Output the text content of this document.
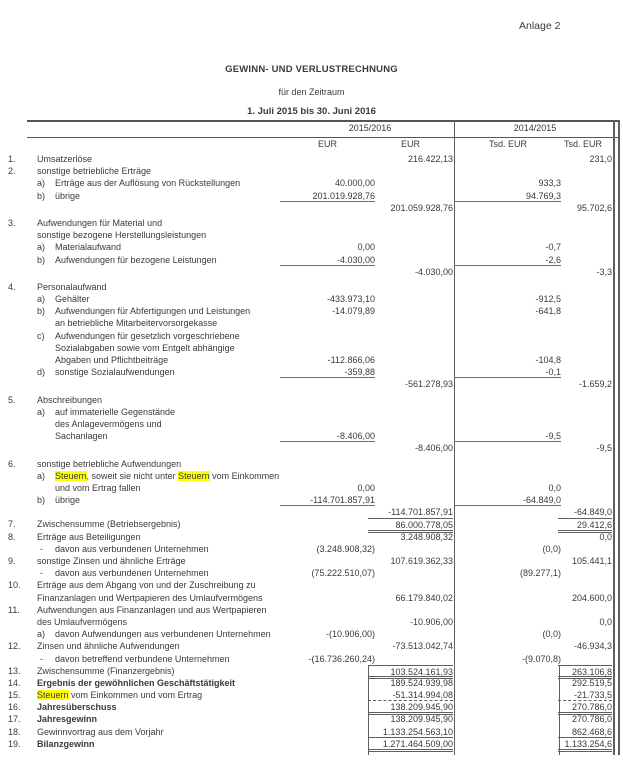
Anlage 2
GEWINN- UND VERLUSTRECHNUNG
für den Zeitraum
1. Juli 2015 bis 30. Juni 2016
2015/2016	2014/2015
EUR	EUR	Tsd. EUR	Tsd. EUR
1. Umsatzerlöse	216.422,13	231,0
2. sonstige betriebliche Erträge
a) Erträge aus der Auflösung von Rückstellungen	40.000,00	933,3
b) übrige	201.019.928,76	94.769,3
201.059.928,76	95.702,6
3. Aufwendungen für Material und
sonstige bezogene Herstellungsleistungen
a) Materialaufwand	0,00	-0,7
b) Aufwendungen für bezogene Leistungen	-4.030,00	-2,6
-4.030,00	-3,3
4. Personalaufwand
a) Gehälter	-433.973,10	-912,5
b) Aufwendungen für Abfertigungen und Leistungen	-14.079,89	-641,8
an betriebliche Mitarbeitervorsorgekasse
c) Aufwendungen für gesetzlich vorgeschriebene
Sozialabgaben sowie vom Entgelt abhängige
Abgaben und Pflichtbeiträge	-112.866,06	-104,8
d) sonstige Sozialaufwendungen	-359,88	-0,1
-561.278,93	-1.659,2
5. Abschreibungen
a) auf immaterielle Gegenstände
des Anlagevermögens und
Sachanlagen	-8.406,00	-9,5
-8.406,00	-9,5
6. sonstige betriebliche Aufwendungen
a) Steuern, soweit sie nicht unter Steuern vom Einkommen
und vom Ertrag fallen	0,00	0,0
b) übrige	-114.701.857,91	-64.849,0
-114.701.857,91	-64.849,0
7. Zwischensumme (Betriebsergebnis)	86.000.778,05	29.412,6
8. Erträge aus Beteiligungen	3.248.908,32	0,0
- davon aus verbundenen Unternehmen	(3.248.908,32)	(0,0)
9. sonstige Zinsen und ähnliche Erträge	107.619.362,33	105.441,1
- davon aus verbundenen Unternehmen	(75.222.510,07)	(89.277,1)
10. Erträge aus dem Abgang von und der Zuschreibung zu
Finanzanlagen und Wertpapieren des Umlaufvermögens	66.179.840,02	204.600,0
11. Aufwendungen aus Finanzanlagen und aus Wertpapieren
des Umlaufvermögens	-10.906,00	0,0
a) davon Aufwendungen aus verbundenen Unternehmen	-(10.906,00)	(0,0)
12. Zinsen und ähnliche Aufwendungen	-73.513.042,74	-46.934,3
- davon betreffend verbundene Unternehmen	-(16.736.260,24)	-(9.070,8)
13. Zwischensumme (Finanzergebnis)	103.524.161,93	263.106,8
14. Ergebnis der gewöhnlichen Geschäftstätigkeit	189.524.939,98	292.519,5
15. Steuern vom Einkommen und vom Ertrag	-51.314.994,08	-21.733,5
16. Jahresüberschuss	138.209.945,90	270.786,0
17. Jahresgewinn	138.209.945,90	270.786,0
18. Gewinnvortrag aus dem Vorjahr	1.133.254.563,10	862.468,6
19. Bilanzgewinn	1.271.464.509,00	1.133.254,6
